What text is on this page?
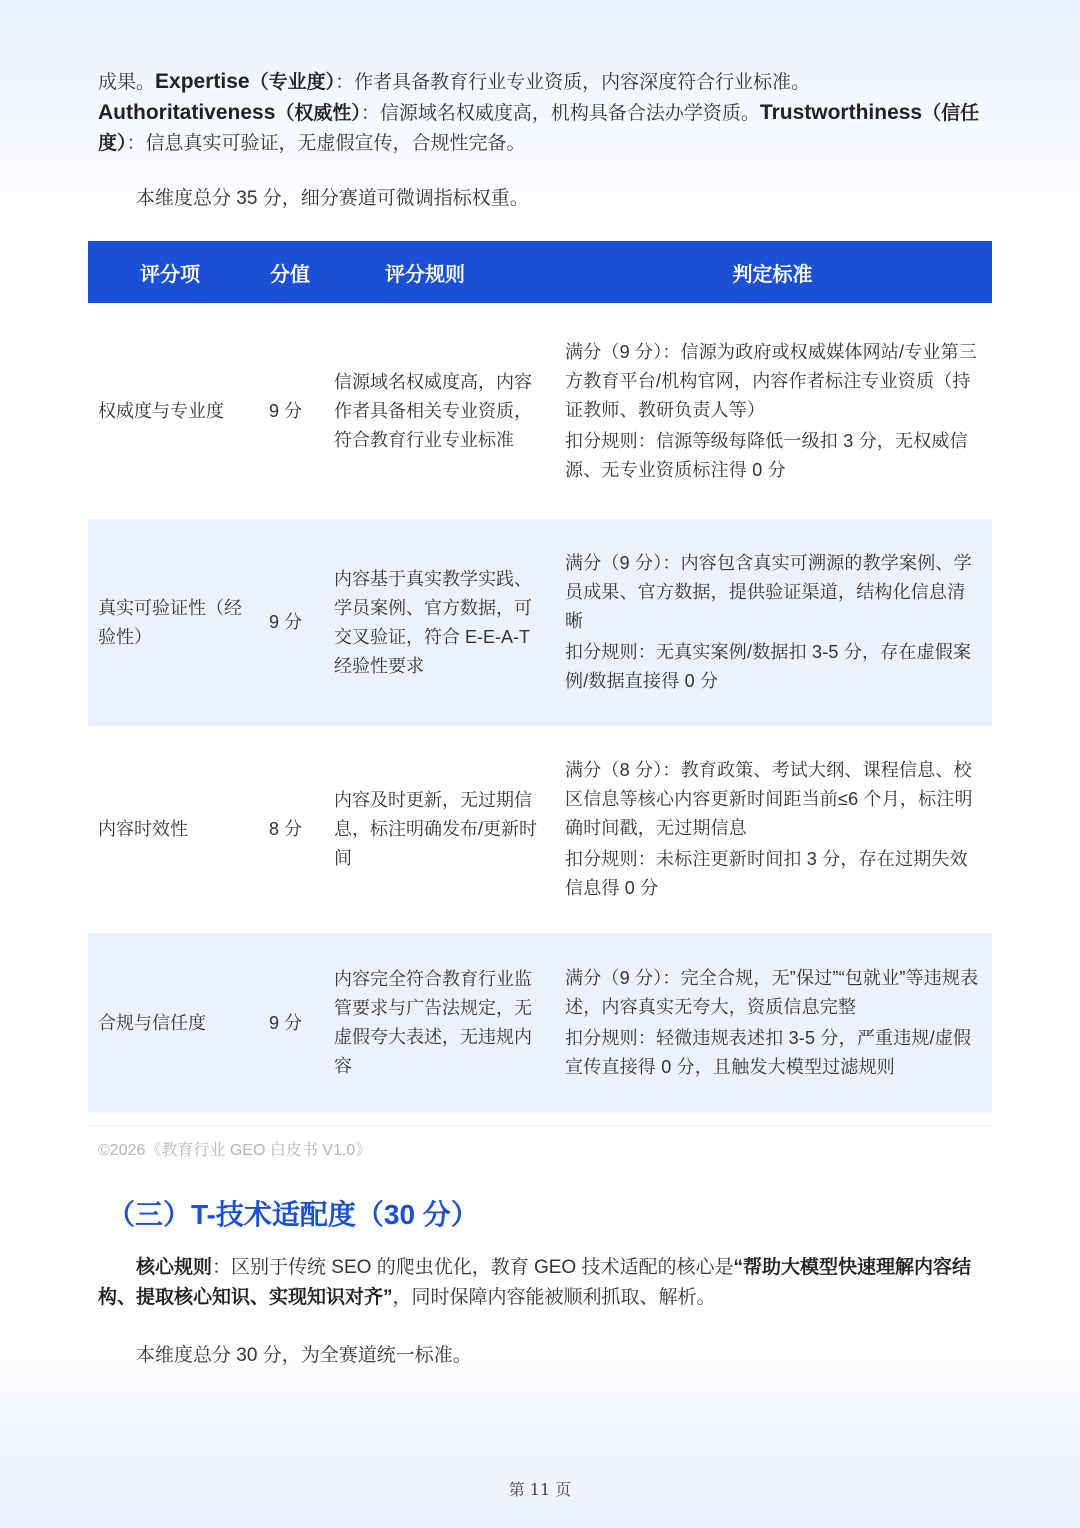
成果。Expertise（专业度）：作者具备教育行业专业资质，内容深度符合行业标准。Authoritativeness（权威性）：信源域名权威度高，机构具备合法办学资质。Trustworthiness（信任度）：信息真实可验证，无虚假宣传，合规性完备。

本维度总分 35 分，细分赛道可微调指标权重。

评分项	分值	评分规则	判定标准
权威度与专业度	9 分	信源域名权威度高，内容作者具备相关专业资质，符合教育行业专业标准	满分（9 分）：信源为政府或权威媒体网站/专业第三方教育平台/机构官网，内容作者标注专业资质（持证教师、教研负责人等）
扣分规则：信源等级每降低一级扣 3 分，无权威信源、无专业资质标注得 0 分

真实可验证性（经验性）	9 分	内容基于真实教学实践、学员案例、官方数据，可交叉验证，符合 E-E-A-T 经验性要求	满分（9 分）：内容包含真实可溯源的教学案例、学员成果、官方数据，提供验证渠道，结构化信息清晰
扣分规则：无真实案例/数据扣 3-5 分，存在虚假案例/数据直接得 0 分

内容时效性	8 分	内容及时更新，无过期信息，标注明确发布/更新时间	满分（8 分）：教育政策、考试大纲、课程信息、校区信息等核心内容更新时间距当前≤6 个月，标注明确时间戳，无过期信息
扣分规则：未标注更新时间扣 3 分，存在过期失效信息得 0 分

合规与信任度	9 分	内容完全符合教育行业监管要求与广告法规定，无虚假夸大表述，无违规内容	满分（9 分）：完全合规，无”保过”“包就业”等违规表述，内容真实无夸大，资质信息完整
扣分规则：轻微违规表述扣 3-5 分，严重违规/虚假宣传直接得 0 分，且触发大模型过滤规则
©2026《教育行业 GEO 白皮书 V1.0》
（三）T-技术适配度（30 分）

核心规则：区别于传统 SEO 的爬虫优化，教育 GEO 技术适配的核心是“帮助大模型快速理解内容结构、提取核心知识、实现知识对齐”，同时保障内容能被顺利抓取、解析。

本维度总分 30 分，为全赛道统一标准。

第 11 页
